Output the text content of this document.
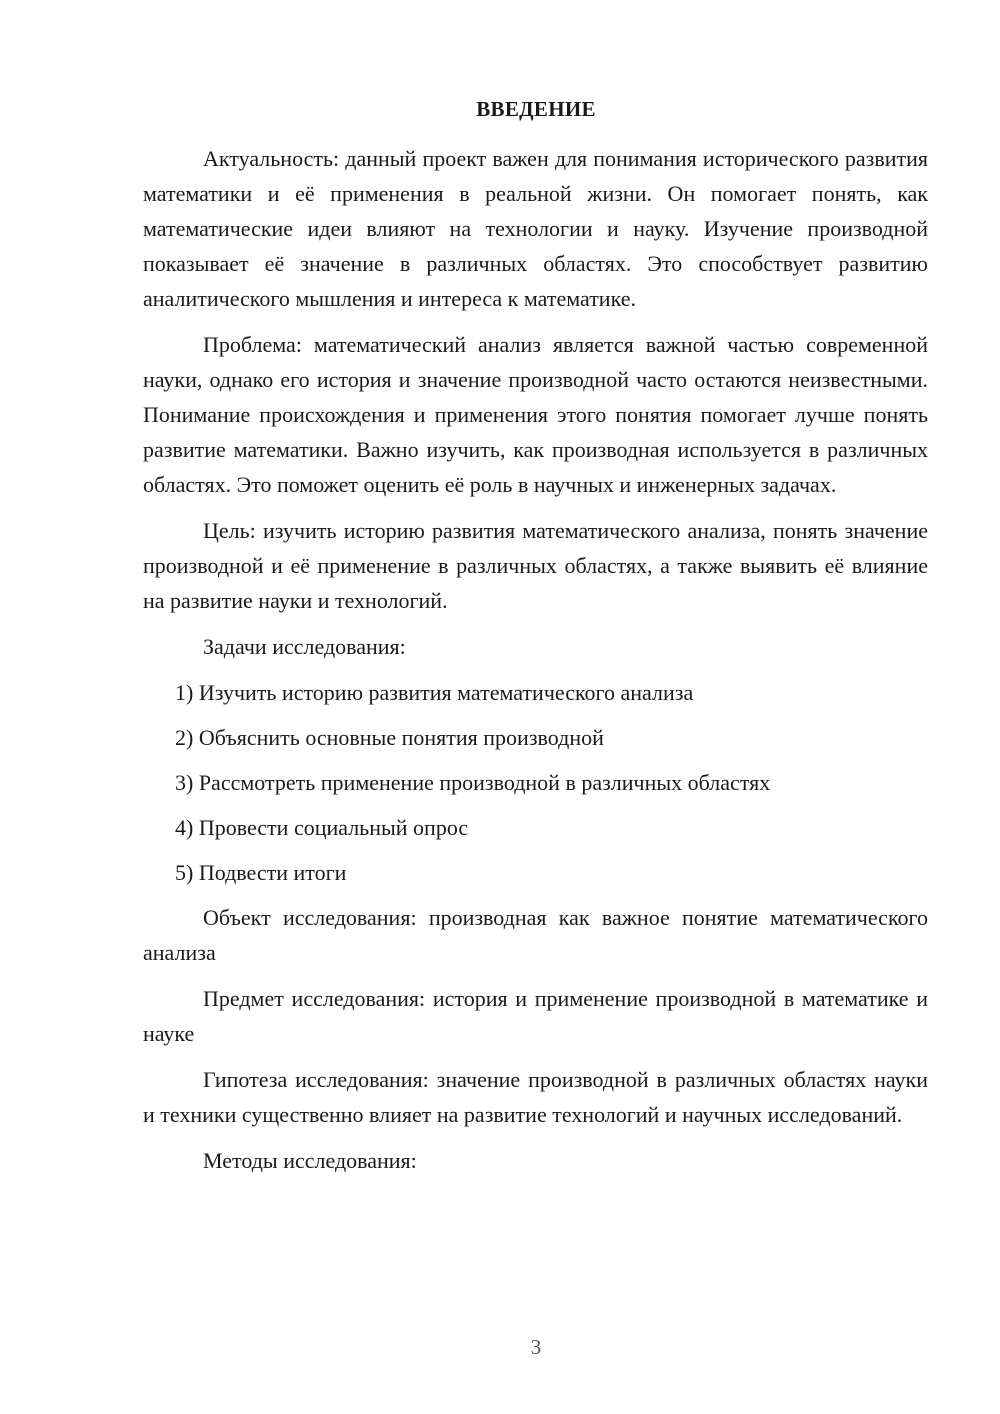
ВВЕДЕНИЕ

Актуальность: данный проект важен для понимания исторического развития математики и её применения в реальной жизни. Он помогает понять, как математические идеи влияют на технологии и науку. Изучение производной показывает её значение в различных областях. Это способствует развитию аналитического мышления и интереса к математике.

Проблема: математический анализ является важной частью современной науки, однако его история и значение производной часто остаются неизвестными. Понимание происхождения и применения этого понятия помогает лучше понять развитие математики. Важно изучить, как производная используется в различных областях. Это поможет оценить её роль в научных и инженерных задачах.

Цель: изучить историю развития математического анализа, понять значение производной и её применение в различных областях, а также выявить её влияние на развитие науки и технологий.

Задачи исследования:

1) Изучить историю развития математического анализа
2) Объяснить основные понятия производной
3) Рассмотреть применение производной в различных областях
4) Провести социальный опрос
5) Подвести итоги

Объект исследования: производная как важное понятие математического анализа

Предмет исследования: история и применение производной в математике и науке

Гипотеза исследования: значение производной в различных областях науки и техники существенно влияет на развитие технологий и научных исследований.

Методы исследования:

3
